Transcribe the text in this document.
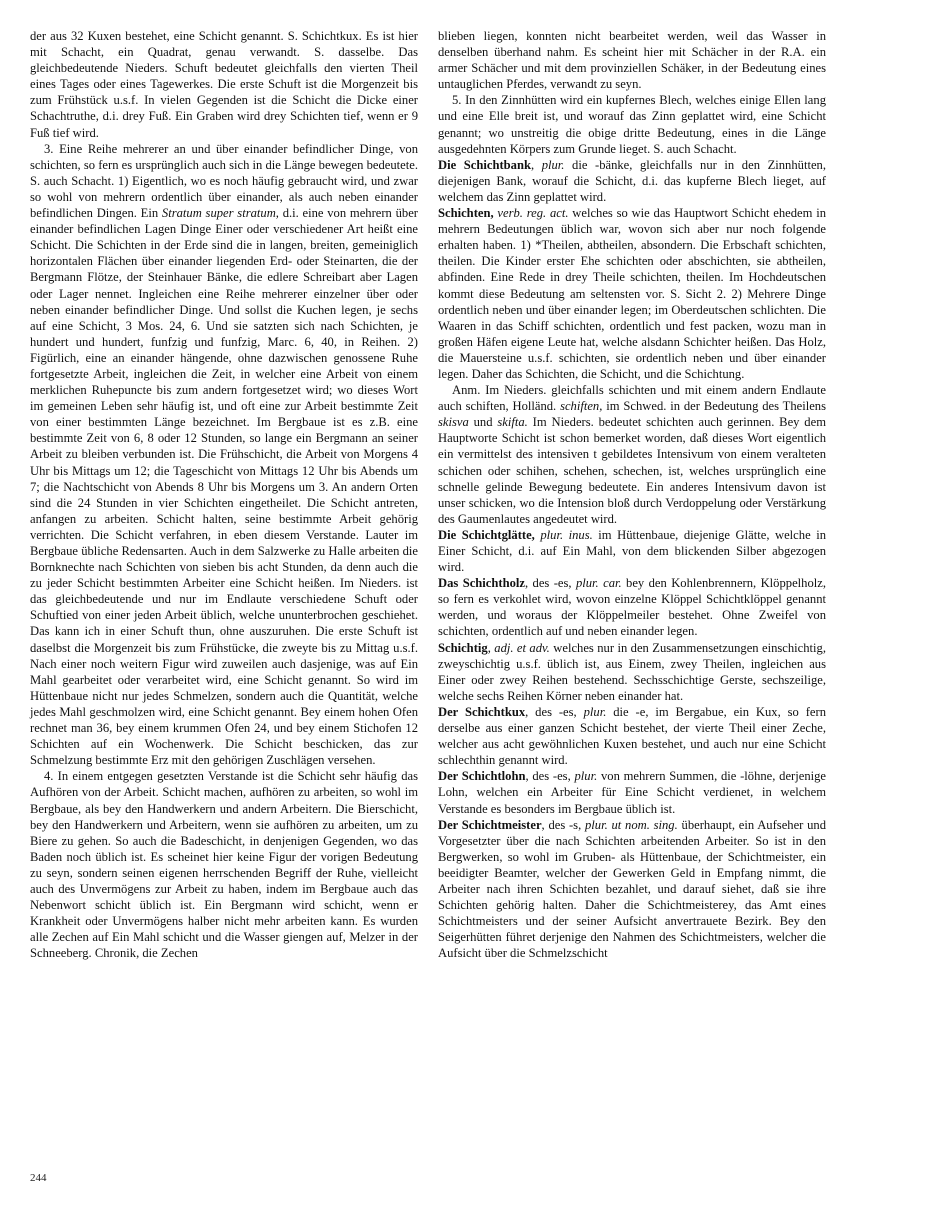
der aus 32 Kuxen bestehet, eine Schicht genannt. S. Schichtkux. Es ist hier mit Schacht, ein Quadrat, genau verwandt. S. dasselbe. Das gleichbedeutende Nieders. Schuft bedeutet gleichfalls den vierten Theil eines Tages oder eines Tagewerkes. Die erste Schuft ist die Morgenzeit bis zum Frühstück u.s.f. In vielen Gegenden ist die Schicht die Dicke einer Schachtruthe, d.i. drey Fuß. Ein Graben wird drey Schichten tief, wenn er 9 Fuß tief wird.

3. Eine Reihe mehrerer an und über einander befindlicher Dinge, von schichten, so fern es ursprünglich auch sich in die Länge bewegen bedeutete. S. auch Schacht. 1) Eigentlich, wo es noch häufig gebraucht wird, und zwar so wohl von mehrern ordentlich über einander, als auch neben einander befindlichen Dingen. Ein Stratum super stratum, d.i. eine von mehrern über einander befindlichen Lagen Dinge Einer oder verschiedener Art heißt eine Schicht. Die Schichten in der Erde sind die in langen, breiten, gemeiniglich horizontalen Flächen über einander liegenden Erd- oder Steinarten, die der Bergmann Flötze, der Steinhauer Bänke, die edlere Schreibart aber Lagen oder Lager nennet. Ingleichen eine Reihe mehrerer einzelner über oder neben einander befindlicher Dinge. Und sollst die Kuchen legen, je sechs auf eine Schicht, 3 Mos. 24, 6. Und sie satzten sich nach Schichten, je hundert und hundert, funfzig und funfzig, Marc. 6, 40, in Reihen. 2) Figürlich, eine an einander hängende, ohne dazwischen genossene Ruhe fortgesetzte Arbeit, ingleichen die Zeit, in welcher eine Arbeit von einem merklichen Ruhepuncte bis zum andern fortgesetzet wird; wo dieses Wort im gemeinen Leben sehr häufig ist, und oft eine zur Arbeit bestimmte Zeit von einer bestimmten Länge bezeichnet. Im Bergbaue ist es z.B. eine bestimmte Zeit von 6, 8 oder 12 Stunden, so lange ein Bergmann an seiner Arbeit zu bleiben verbunden ist. Die Frühschicht, die Arbeit von Morgens 4 Uhr bis Mittags um 12; die Tageschicht von Mittags 12 Uhr bis Abends um 7; die Nachtschicht von Abends 8 Uhr bis Morgens um 3. An andern Orten sind die 24 Stunden in vier Schichten eingetheilet. Die Schicht antreten, anfangen zu arbeiten. Schicht halten, seine bestimmte Arbeit gehörig verrichten. Die Schicht verfahren, in eben diesem Verstande. Lauter im Bergbaue übliche Redensarten. Auch in dem Salzwerke zu Halle arbeiten die Bornknechte nach Schichten von sieben bis acht Stunden, da denn auch die zu jeder Schicht bestimmten Arbeiter eine Schicht heißen. Im Nieders. ist das gleichbedeutende und nur im Endlaute verschiedene Schuft oder Schuftied von einer jeden Arbeit üblich, welche ununterbrochen geschiehet. Das kann ich in einer Schuft thun, ohne auszuruhen. Die erste Schuft ist daselbst die Morgenzeit bis zum Frühstücke, die zweyte bis zu Mittag u.s.f. Nach einer noch weitern Figur wird zuweilen auch dasjenige, was auf Ein Mahl gearbeitet oder verarbeitet wird, eine Schicht genannt. So wird im Hüttenbaue nicht nur jedes Schmelzen, sondern auch die Quantität, welche jedes Mahl geschmolzen wird, eine Schicht genannt. Bey einem hohen Ofen rechnet man 36, bey einem krummen Ofen 24, und bey einem Stichofen 12 Schichten auf ein Wochenwerk. Die Schicht beschicken, das zur Schmelzung bestimmte Erz mit den gehörigen Zuschlägen versehen.

4. In einem entgegen gesetzten Verstande ist die Schicht sehr häufig das Aufhören von der Arbeit. Schicht machen, aufhören zu arbeiten, so wohl im Bergbaue, als bey den Handwerkern und andern Arbeitern. Die Bierschicht, bey den Handwerkern und Arbeitern, wenn sie aufhören zu arbeiten, um zu Biere zu gehen. So auch die Badeschicht, in denjenigen Gegenden, wo das Baden noch üblich ist. Es scheinet hier keine Figur der vorigen Bedeutung zu seyn, sondern seinen eigenen herrschenden Begriff der Ruhe, vielleicht auch des Unvermögens zur Arbeit zu haben, indem im Bergbaue auch das Nebenwort schicht üblich ist. Ein Bergmann wird schicht, wenn er Krankheit oder Unvermögens halber nicht mehr arbeiten kann. Es wurden alle Zechen auf Ein Mahl schicht und die Wasser giengen auf, Melzer in der Schneeberg. Chronik, die Zechen

blieben liegen, konnten nicht bearbeitet werden, weil das Wasser in denselben überhand nahm. Es scheint hier mit Schächer in der R.A. ein armer Schächer und mit dem provinziellen Schäker, in der Bedeutung eines untauglichen Pferdes, verwandt zu seyn.

5. In den Zinnhütten wird ein kupfernes Blech, welches einige Ellen lang und eine Elle breit ist, und worauf das Zinn geplattet wird, eine Schicht genannt; wo unstreitig die obige dritte Bedeutung, eines in die Länge ausgedehnten Körpers zum Grunde lieget. S. auch Schacht.

Die Schichtbank, plur. die -bänke, gleichfalls nur in den Zinnhütten, diejenigen Bank, worauf die Schicht, d.i. das kupferne Blech lieget, auf welchem das Zinn geplattet wird.

Schichten, verb. reg. act. welches so wie das Hauptwort Schicht ehedem in mehrern Bedeutungen üblich war, wovon sich aber nur noch folgende erhalten haben. 1) *Theilen, abtheilen, absondern. Die Erbschaft schichten, theilen. Die Kinder erster Ehe schichten oder abschichten, sie abtheilen, abfinden. Eine Rede in drey Theile schichten, theilen. Im Hochdeutschen kommt diese Bedeutung am seltensten vor. S. Sicht 2. 2) Mehrere Dinge ordentlich neben und über einander legen; im Oberdeutschen schlichten. Die Waaren in das Schiff schichten, ordentlich und fest packen, wozu man in großen Häfen eigene Leute hat, welche alsdann Schichter heißen. Das Holz, die Mauersteine u.s.f. schichten, sie ordentlich neben und über einander legen. Daher das Schichten, die Schicht, und die Schichtung.

Anm. Im Nieders. gleichfalls schichten und mit einem andern Endlaute auch schiften, Holländ. schiften, im Schwed. in der Bedeutung des Theilens skisva und skifta. Im Nieders. bedeutet schichten auch gerinnen. Bey dem Hauptworte Schicht ist schon bemerket worden, daß dieses Wort eigentlich ein vermittelst des intensiven t gebildetes Intensivum von einem veralteten schichen oder schihen, schehen, schechen, ist, welches ursprünglich eine schnelle gelinde Bewegung bedeutete. Ein anderes Intensivum davon ist unser schicken, wo die Intension bloß durch Verdoppelung oder Verstärkung des Gaumenlautes angedeutet wird.

Die Schichtglätte, plur. inus. im Hüttenbaue, diejenige Glätte, welche in Einer Schicht, d.i. auf Ein Mahl, von dem blickenden Silber abgezogen wird.

Das Schichtholz, des -es, plur. car. bey den Kohlenbrennern, Klöppelholz, so fern es verkohlet wird, wovon einzelne Klöppel Schichtklöppel genannt werden, und woraus der Klöppelmeiler bestehet. Ohne Zweifel von schichten, ordentlich auf und neben einander legen.

Schichtig, adj. et adv. welches nur in den Zusammensetzungen einschichtig, zweyschichtig u.s.f. üblich ist, aus Einem, zwey Theilen, ingleichen aus Einer oder zwey Reihen bestehend. Sechsschichtige Gerste, sechszeilige, welche sechs Reihen Körner neben einander hat.

Der Schichtkux, des -es, plur. die -e, im Bergabue, ein Kux, so fern derselbe aus einer ganzen Schicht bestehet, der vierte Theil einer Zeche, welcher aus acht gewöhnlichen Kuxen bestehet, und auch nur eine Schicht schlechthin genannt wird.

Der Schichtlohn, des -es, plur. von mehrern Summen, die -löhne, derjenige Lohn, welchen ein Arbeiter für Eine Schicht verdienet, in welchem Verstande es besonders im Bergbaue üblich ist.

Der Schichtmeister, des -s, plur. ut nom. sing. überhaupt, ein Aufseher und Vorgesetzter über die nach Schichten arbeitenden Arbeiter. So ist in den Bergwerken, so wohl im Gruben- als Hüttenbaue, der Schichtmeister, ein beeidigter Beamter, welcher der Gewerken Geld in Empfang nimmt, die Arbeiter nach ihren Schichten bezahlet, und darauf siehet, daß sie ihre Schichten gehörig halten. Daher die Schichtmeisterey, das Amt eines Schichtmeisters und der seiner Aufsicht anvertrauete Bezirk. Bey den Seigerhütten führet derjenige den Nahmen des Schichtmeisters, welcher die Aufsicht über die Schmelzschicht

244
